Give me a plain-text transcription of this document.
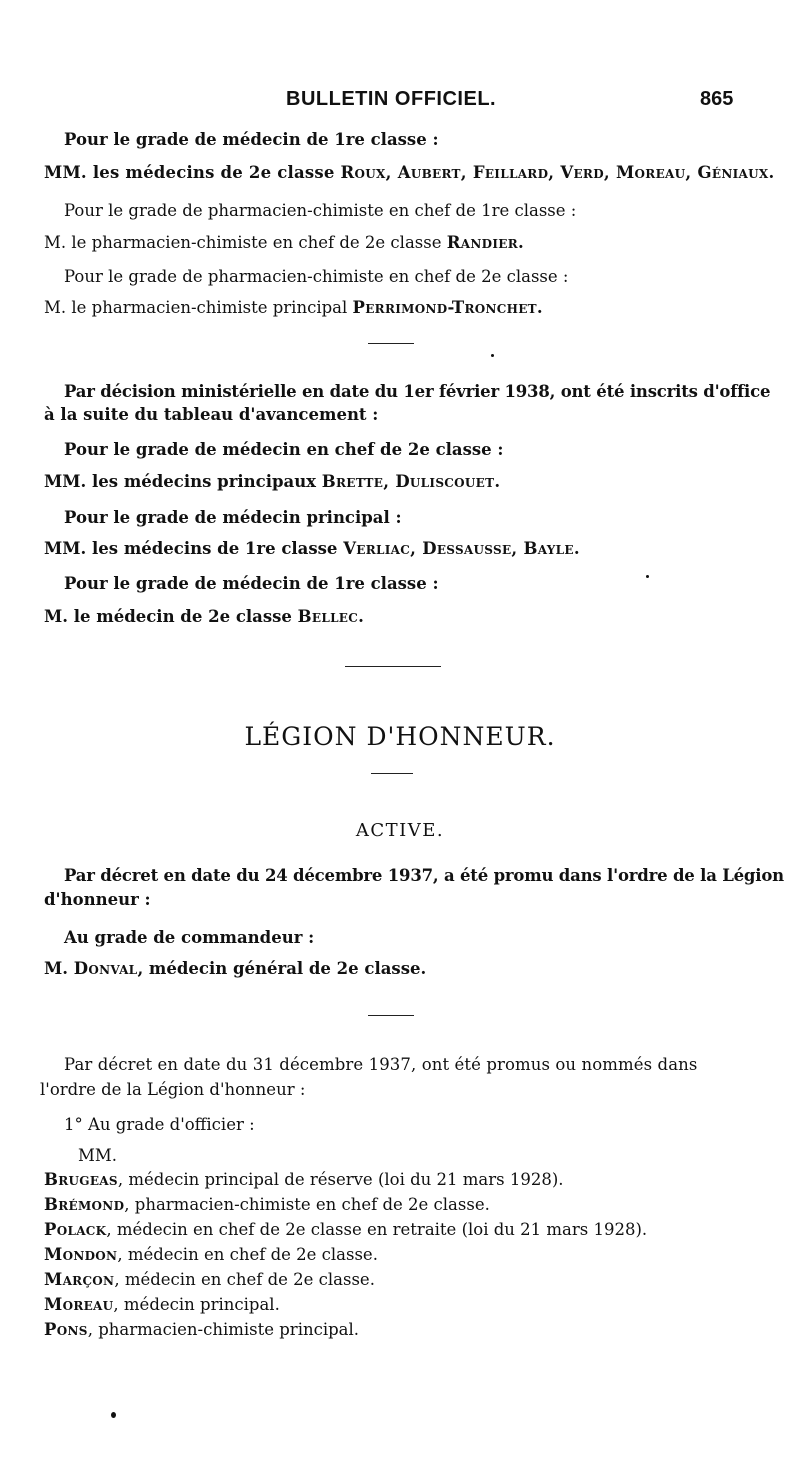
BULLETIN OFFICIEL.	865
Pour le grade de médecin de 1re classe :
MM. les médecins de 2e classe Roux, Aubert, Feillard, Verd, Moreau, Géniaux.
Pour le grade de pharmacien-chimiste en chef de 1re classe :
M. le pharmacien-chimiste en chef de 2e classe Randier.
Pour le grade de pharmacien-chimiste en chef de 2e classe :
M. le pharmacien-chimiste principal Perrimond-Tronchet.
Par décision ministérielle en date du 1er février 1938, ont été inscrits d'office
à la suite du tableau d'avancement :
Pour le grade de médecin en chef de 2e classe :
MM. les médecins principaux Brette, Duliscouet.
Pour le grade de médecin principal :
MM. les médecins de 1re classe Verliac, Dessausse, Bayle.
Pour le grade de médecin de 1re classe :
M. le médecin de 2e classe Bellec.
LÉGION D'HONNEUR.
ACTIVE.
Par décret en date du 24 décembre 1937, a été promu dans l'ordre de la Légion
d'honneur :
Au grade de commandeur :
M. Donval, médecin général de 2e classe.
Par décret en date du 31 décembre 1937, ont été promus ou nommés dans
l'ordre de la Légion d'honneur :
1° Au grade d'officier :
MM.
Brugeas, médecin principal de réserve (loi du 21 mars 1928).
Brémond, pharmacien-chimiste en chef de 2e classe.
Polack, médecin en chef de 2e classe en retraite (loi du 21 mars 1928).
Mondon, médecin en chef de 2e classe.
Marçon, médecin en chef de 2e classe.
Moreau, médecin principal.
Pons, pharmacien-chimiste principal.
